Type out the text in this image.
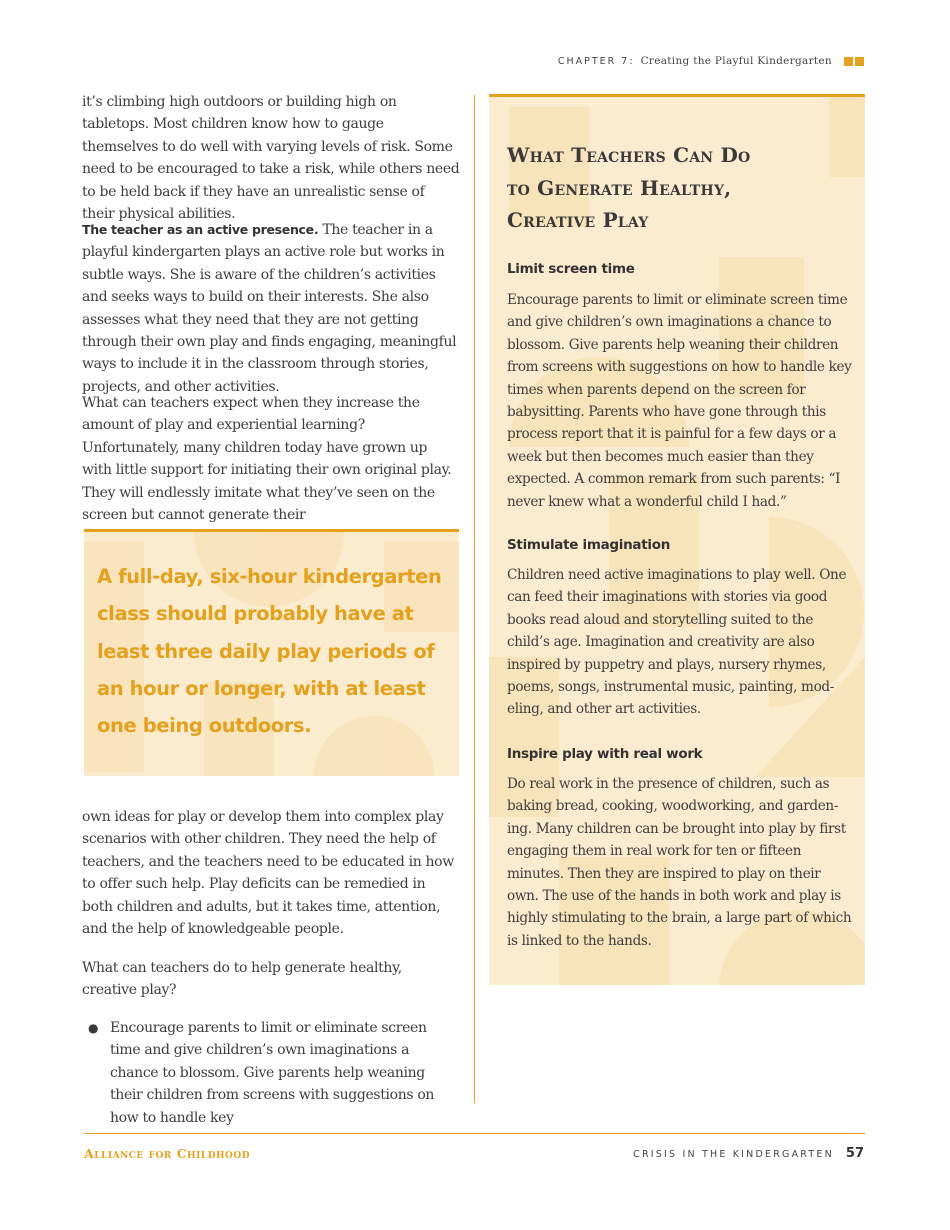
CHAPTER 7: Creating the Playful Kindergarten

it’s climbing high outdoors or building high on tabletops. Most children know how to gauge themselves to do well with varying levels of risk. Some need to be encouraged to take a risk, while others need to be held back if they have an unrealistic sense of their physical abilities.

The teacher as an active presence. The teacher in a playful kindergarten plays an active role but works in subtle ways. She is aware of the children’s activities and seeks ways to build on their interests. She also assesses what they need that they are not getting through their own play and finds engaging, meaningful ways to include it in the classroom through stories, projects, and other activities.

What can teachers expect when they increase the amount of play and experiential learning? Unfortunately, many children today have grown up with little support for initiating their own original play. They will endlessly imitate what they’ve seen on the screen but cannot generate their

own ideas for play or develop them into complex play scenarios with other children. They need the help of teachers, and the teachers need to be educated in how to offer such help. Play deficits can be remedied in both children and adults, but it takes time, attention, and the help of knowledgeable people.

What can teachers do to help generate healthy, creative play?

● Encourage parents to limit or eliminate screen time and give children’s own imaginations a chance to blossom. Give parents help weaning their children from screens with suggestions on how to handle key

A full-day, six-hour kindergarten class should probably have at least three daily play periods of an hour or longer, with at least one being outdoors.
What Teachers Can Do
to Generate Healthy,
Creative Play
Limit screen time

Encourage parents to limit or eliminate screen time and give children’s own imaginations a chance to blossom. Give parents help weaning their children from screens with suggestions on how to handle key times when parents depend on the screen for babysitting. Parents who have gone through this process report that it is painful for a few days or a week but then becomes much easier than they expected. A common remark from such parents: “I never knew what a wonderful child I had.”

Stimulate imagination

Children need active imaginations to play well. One can feed their imaginations with stories via good books read aloud and storytelling suited to the child’s age. Imagination and creativity are also inspired by puppetry and plays, nursery rhymes, poems, songs, instrumental music, painting, modeling, and other art activities.

Inspire play with real work

Do real work in the presence of children, such as baking bread, cooking, woodworking, and gardening. Many children can be brought into play by first engaging them in real work for ten or fifteen minutes. Then they are inspired to play on their own. The use of the hands in both work and play is highly stimulating to the brain, a large part of which is linked to the hands.

Alliance for Childhood	CRISIS IN THE KINDERGARTEN 57
